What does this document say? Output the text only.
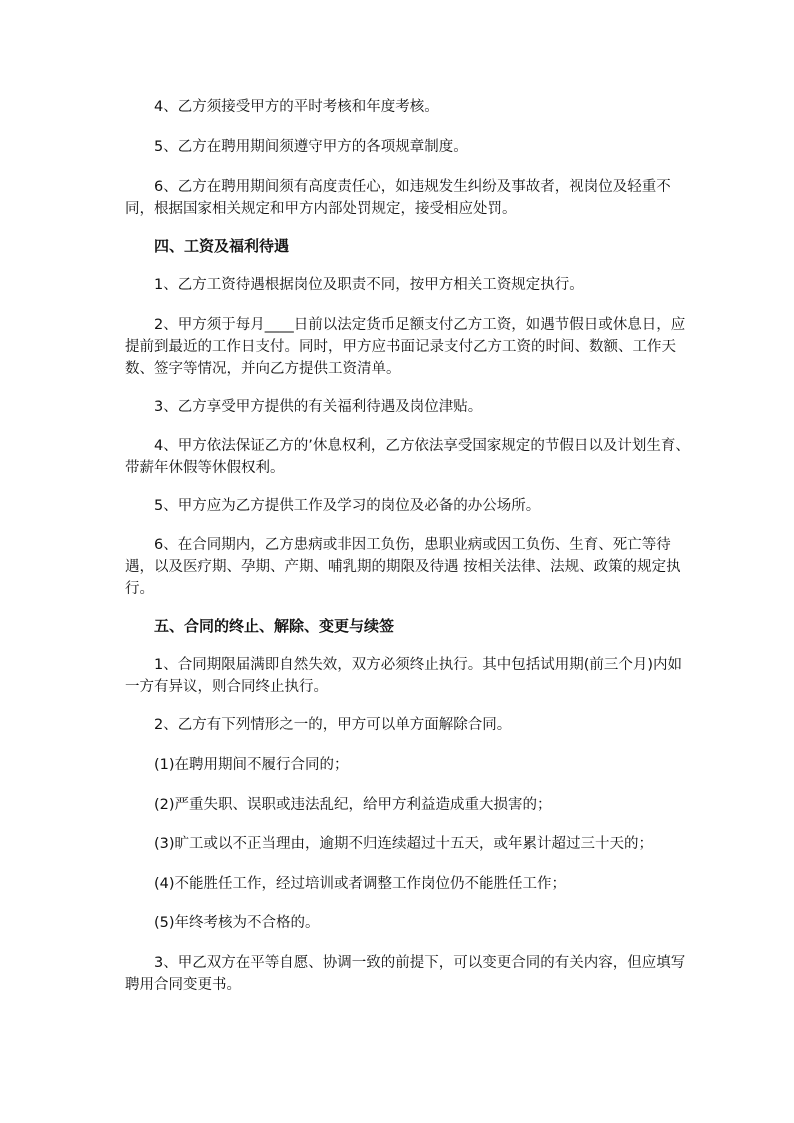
4、乙方须接受甲方的平时考核和年度考核。

5、乙方在聘用期间须遵守甲方的各项规章制度。

6、乙方在聘用期间须有高度责任心，如违规发生纠纷及事故者，视岗位及轻重不同，根据国家相关规定和甲方内部处罚规定，接受相应处罚。

四、工资及福利待遇

1、乙方工资待遇根据岗位及职责不同，按甲方相关工资规定执行。

2、甲方须于每月____日前以法定货币足额支付乙方工资，如遇节假日或休息日，应提前到最近的工作日支付。同时，甲方应书面记录支付乙方工资的时间、数额、工作天数、签字等情况，并向乙方提供工资清单。

3、乙方享受甲方提供的有关福利待遇及岗位津贴。

4、甲方依法保证乙方的’休息权利，乙方依法享受国家规定的节假日以及计划生育、带薪年休假等休假权利。

5、甲方应为乙方提供工作及学习的岗位及必备的办公场所。

6、在合同期内，乙方患病或非因工负伤，患职业病或因工负伤、生育、死亡等待遇，以及医疗期、孕期、产期、哺乳期的期限及待遇 按相关法律、法规、政策的规定执行。

五、合同的终止、解除、变更与续签

1、合同期限届满即自然失效，双方必须终止执行。其中包括试用期(前三个月)内如一方有异议，则合同终止执行。

2、乙方有下列情形之一的，甲方可以单方面解除合同。

(1)在聘用期间不履行合同的；

(2)严重失职、误职或违法乱纪，给甲方利益造成重大损害的；

(3)旷工或以不正当理由，逾期不归连续超过十五天，或年累计超过三十天的；

(4)不能胜任工作，经过培训或者调整工作岗位仍不能胜任工作；

(5)年终考核为不合格的。

3、甲乙双方在平等自愿、协调一致的前提下，可以变更合同的有关内容，但应填写聘用合同变更书。
